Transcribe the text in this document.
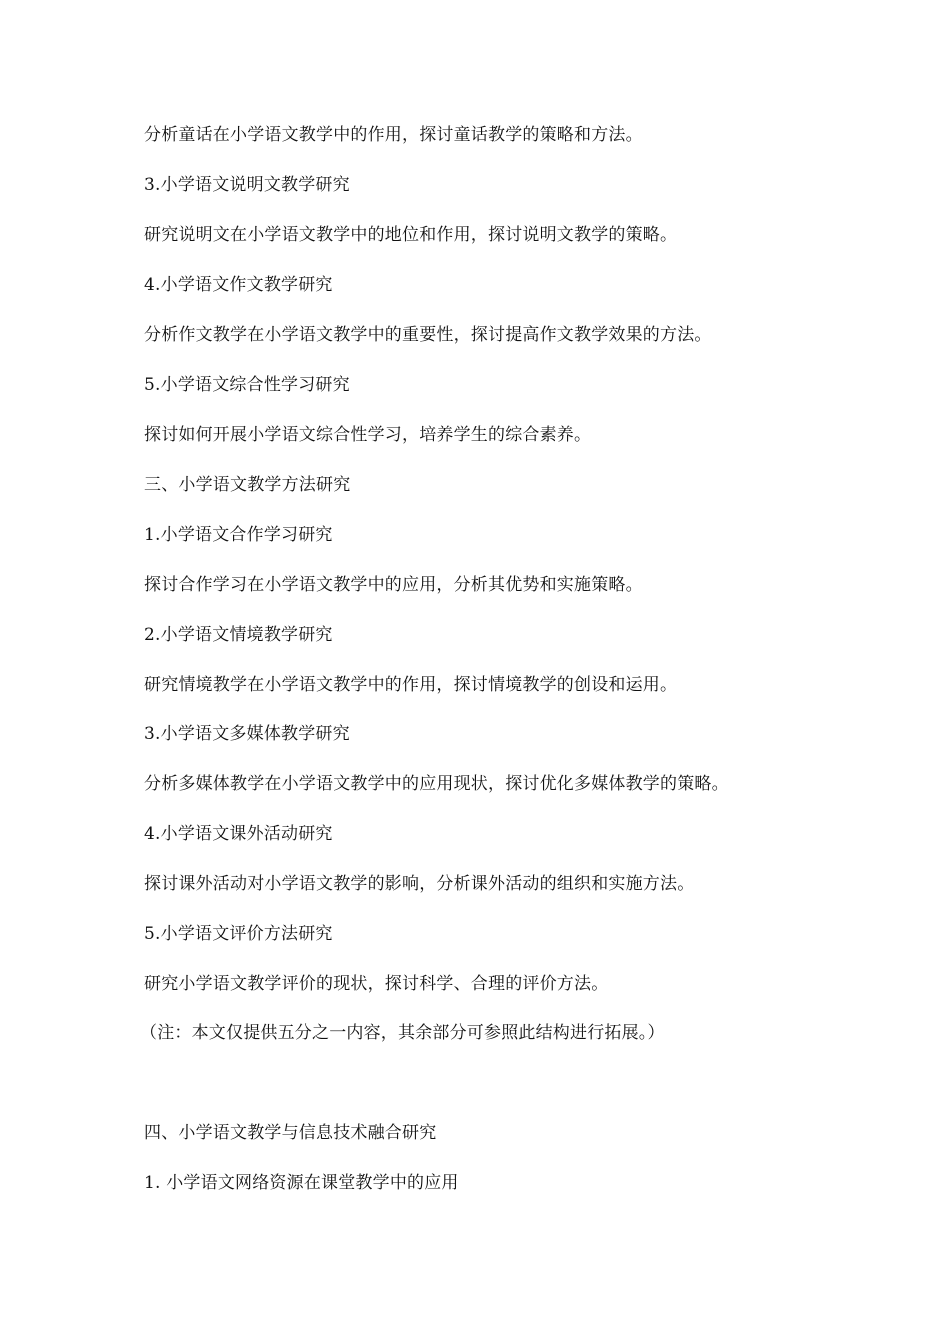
分析童话在小学语文教学中的作用，探讨童话教学的策略和方法。
3.小学语文说明文教学研究
研究说明文在小学语文教学中的地位和作用，探讨说明文教学的策略。
4.小学语文作文教学研究
分析作文教学在小学语文教学中的重要性，探讨提高作文教学效果的方法。
5.小学语文综合性学习研究
探讨如何开展小学语文综合性学习，培养学生的综合素养。
三、小学语文教学方法研究
1.小学语文合作学习研究
探讨合作学习在小学语文教学中的应用，分析其优势和实施策略。
2.小学语文情境教学研究
研究情境教学在小学语文教学中的作用，探讨情境教学的创设和运用。
3.小学语文多媒体教学研究
分析多媒体教学在小学语文教学中的应用现状，探讨优化多媒体教学的策略。
4.小学语文课外活动研究
探讨课外活动对小学语文教学的影响，分析课外活动的组织和实施方法。
5.小学语文评价方法研究
研究小学语文教学评价的现状，探讨科学、合理的评价方法。
（注：本文仅提供五分之一内容，其余部分可参照此结构进行拓展。）
四、小学语文教学与信息技术融合研究
1. 小学语文网络资源在课堂教学中的应用
